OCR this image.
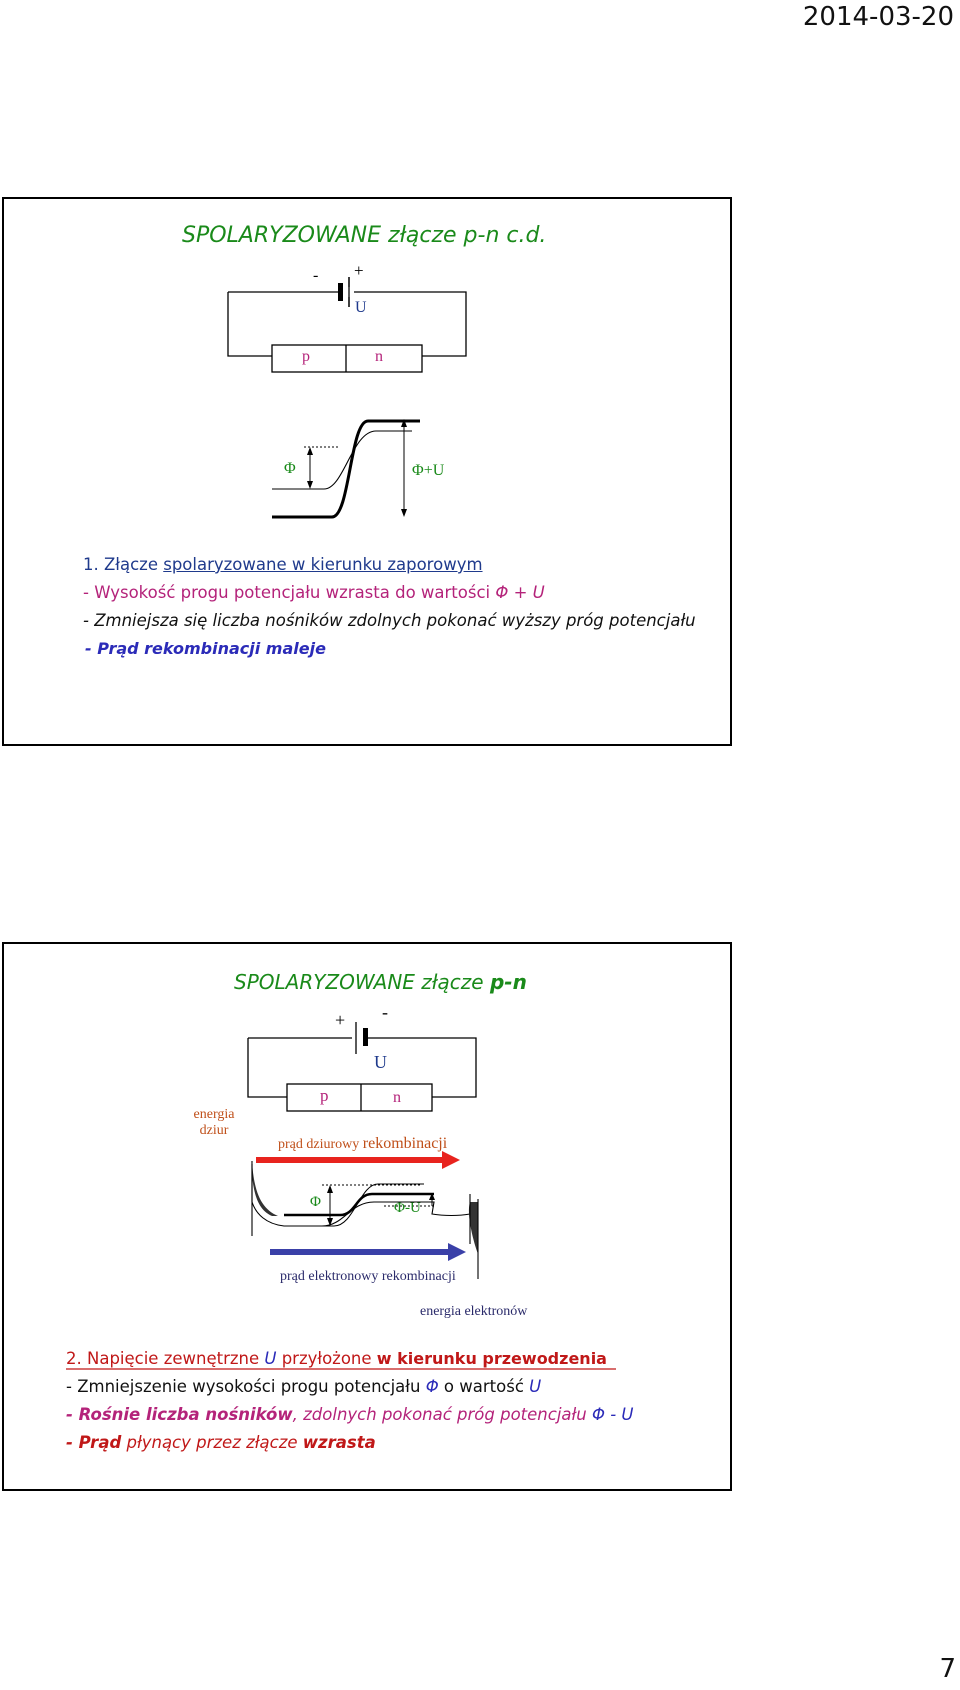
2014-03-20
SPOLARYZOWANE złącze p-n c.d.
- +
U
p	n
Φ	Φ+U
1. Złącze spolaryzowane w kierunku zaporowym
- Wysokość progu potencjału wzrasta do wartości Φ + U
- Zmniejsza się liczba nośników zdolnych pokonać wyższy próg potencjału
- Prąd rekombinacji maleje
SPOLARYZOWANE złącze p-n
+ -
U
p	n
energia
dziur
prąd dziurowy rekombinacji
Φ	Φ-U
prąd elektronowy rekombinacji
energia elektronów
2. Napięcie zewnętrzne U przyłożone w kierunku przewodzenia
- Zmniejszenie wysokości progu potencjału Φ o wartość U
- Rośnie liczba nośników, zdolnych pokonać próg potencjału Φ - U
- Prąd płynący przez złącze wzrasta
7
